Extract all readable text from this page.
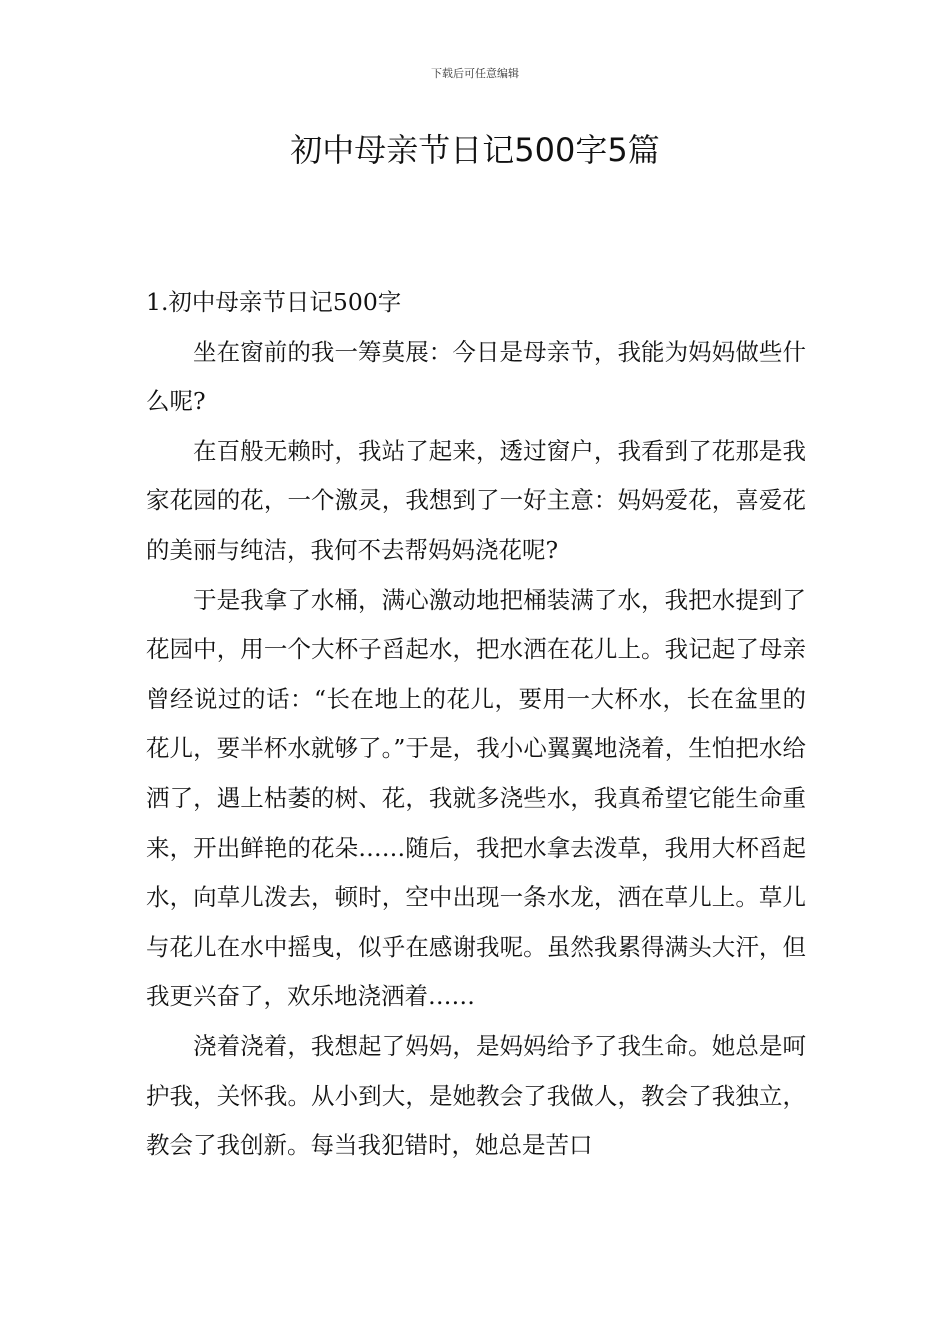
下载后可任意编辑
初中母亲节日记500字5篇
1.初中母亲节日记500字

坐在窗前的我一筹莫展：今日是母亲节，我能为妈妈做些什么呢?

在百般无赖时，我站了起来，透过窗户，我看到了花那是我家花园的花，一个激灵，我想到了一好主意：妈妈爱花，喜爱花的美丽与纯洁，我何不去帮妈妈浇花呢?

于是我拿了水桶，满心激动地把桶装满了水，我把水提到了花园中，用一个大杯子舀起水，把水洒在花儿上。我记起了母亲曾经说过的话：“长在地上的花儿，要用一大杯水，长在盆里的花儿，要半杯水就够了。”于是，我小心翼翼地浇着，生怕把水给洒了，遇上枯萎的树、花，我就多浇些水，我真希望它能生命重来，开出鲜艳的花朵……随后，我把水拿去泼草，我用大杯舀起水，向草儿泼去，顿时，空中出现一条水龙，洒在草儿上。草儿与花儿在水中摇曳，似乎在感谢我呢。虽然我累得满头大汗，但我更兴奋了，欢乐地浇洒着……

浇着浇着，我想起了妈妈，是妈妈给予了我生命。她总是呵护我，关怀我。从小到大，是她教会了我做人，教会了我独立，教会了我创新。每当我犯错时，她总是苦口
